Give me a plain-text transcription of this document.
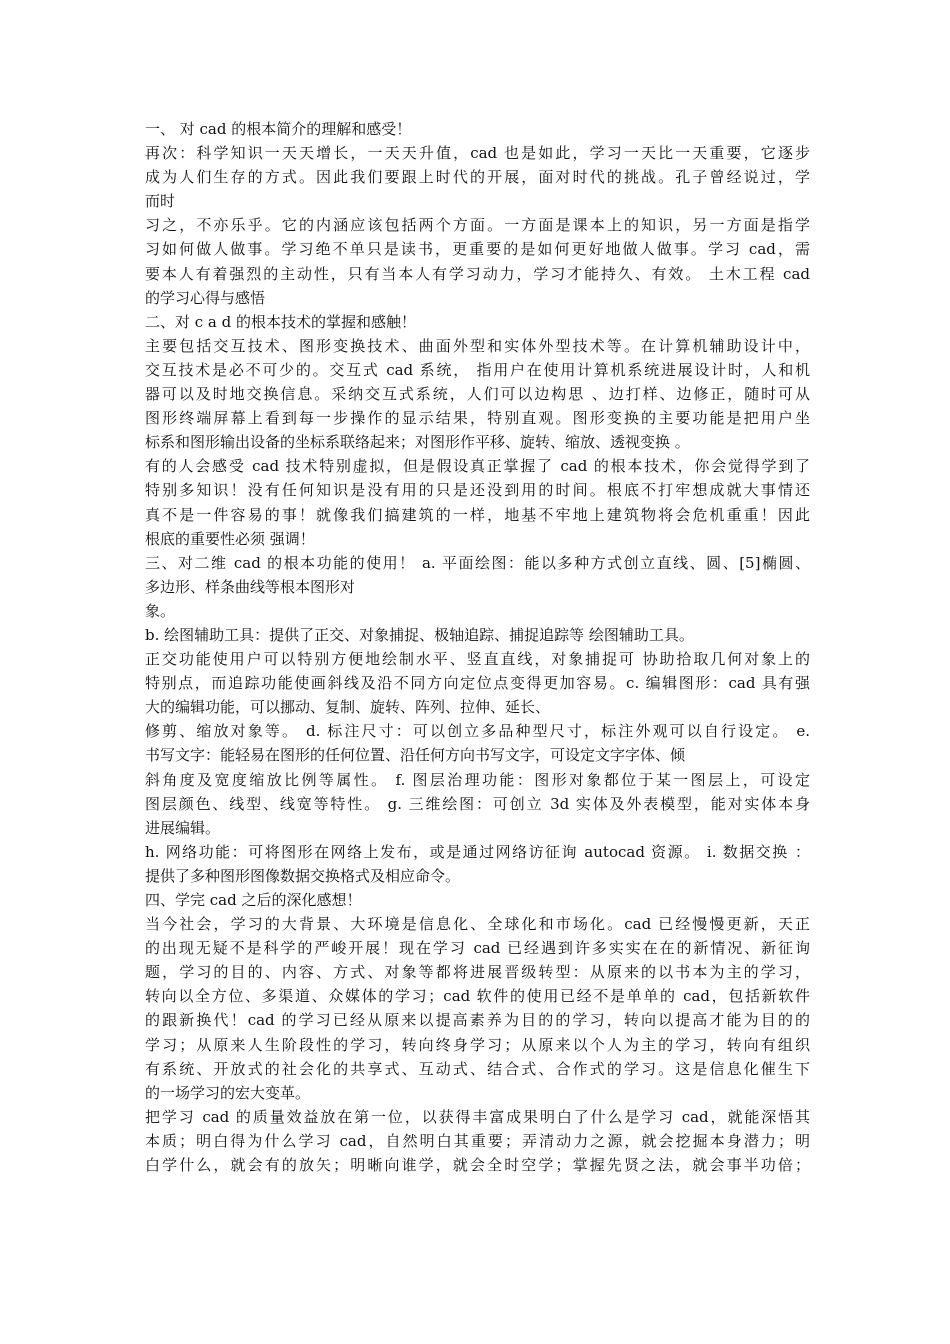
一、 对 cad 的根本简介的理解和感受！
再次：科学知识一天天增长，一天天升值，cad 也是如此，学习一天比一天重要，它逐步
成为人们生存的方式。因此我们要跟上时代的开展，面对时代的挑战。孔子曾经说过，学
而时
习之，不亦乐乎。它的内涵应该包括两个方面。一方面是课本上的知识，另一方面是指学
习如何做人做事。学习绝不单只是读书，更重要的是如何更好地做人做事。学习 cad，需
要本人有着强烈的主动性，只有当本人有学习动力，学习才能持久、有效。 土木工程 cad
的学习心得与感悟
二、对 c a d 的根本技术的掌握和感触！
主要包括交互技术、图形变换技术、曲面外型和实体外型技术等。在计算机辅助设计中，
交互技术是必不可少的。交互式 cad 系统， 指用户在使用计算机系统进展设计时，人和机
器可以及时地交换信息。采纳交互式系统，人们可以边构思 、边打样、边修正，随时可从
图形终端屏幕上看到每一步操作的显示结果，特别直观。图形变换的主要功能是把用户坐
标系和图形输出设备的坐标系联络起来；对图形作平移、旋转、缩放、透视变换 。
有的人会感受 cad 技术特别虚拟，但是假设真正掌握了 cad 的根本技术，你会觉得学到了
特别多知识！没有任何知识是没有用的只是还没到用的时间。根底不打牢想成就大事情还
真不是一件容易的事！就像我们搞建筑的一样，地基不牢地上建筑物将会危机重重！因此
根底的重要性必须 强调！
三、对二维 cad 的根本功能的使用！ a. 平面绘图：能以多种方式创立直线、圆、[5]椭圆、
多边形、样条曲线等根本图形对
象。
b. 绘图辅助工具：提供了正交、对象捕捉、极轴追踪、捕捉追踪等 绘图辅助工具。
正交功能使用户可以特别方便地绘制水平、竖直直线，对象捕捉可 协助拾取几何对象上的
特别点，而追踪功能使画斜线及沿不同方向定位点变得更加容易。c. 编辑图形：cad 具有强
大的编辑功能，可以挪动、复制、旋转、阵列、拉伸、延长、
修剪、缩放对象等。 d. 标注尺寸：可以创立多品种型尺寸，标注外观可以自行设定。 e.
书写文字：能轻易在图形的任何位置、沿任何方向书写文字，可设定文字字体、倾
斜角度及宽度缩放比例等属性。 f. 图层治理功能：图形对象都位于某一图层上，可设定
图层颜色、线型、线宽等特性。 g. 三维绘图：可创立 3d 实体及外表模型，能对实体本身
进展编辑。
h. 网络功能：可将图形在网络上发布，或是通过网络访征询 autocad 资源。 i. 数据交换 ：
提供了多种图形图像数据交换格式及相应命令。
四、学完 cad 之后的深化感想！
当今社会，学习的大背景、大环境是信息化、全球化和市场化。cad 已经慢慢更新，天正
的出现无疑不是科学的严峻开展！现在学习 cad 已经遇到许多实实在在的新情况、新征询
题，学习的目的、内容、方式、对象等都将进展晋级转型：从原来的以书本为主的学习，
转向以全方位、多渠道、众媒体的学习；cad 软件的使用已经不是单单的 cad，包括新软件
的跟新换代！cad 的学习已经从原来以提高素养为目的的学习，转向以提高才能为目的的
学习；从原来人生阶段性的学习，转向终身学习；从原来以个人为主的学习，转向有组织
有系统、开放式的社会化的共享式、互动式、结合式、合作式的学习。这是信息化催生下
的一场学习的宏大变革。
把学习 cad 的质量效益放在第一位，以获得丰富成果明白了什么是学习 cad，就能深悟其
本质；明白得为什么学习 cad，自然明白其重要；弄清动力之源，就会挖掘本身潜力；明
白学什么，就会有的放矢；明晰向谁学，就会全时空学；掌握先贤之法，就会事半功倍；
